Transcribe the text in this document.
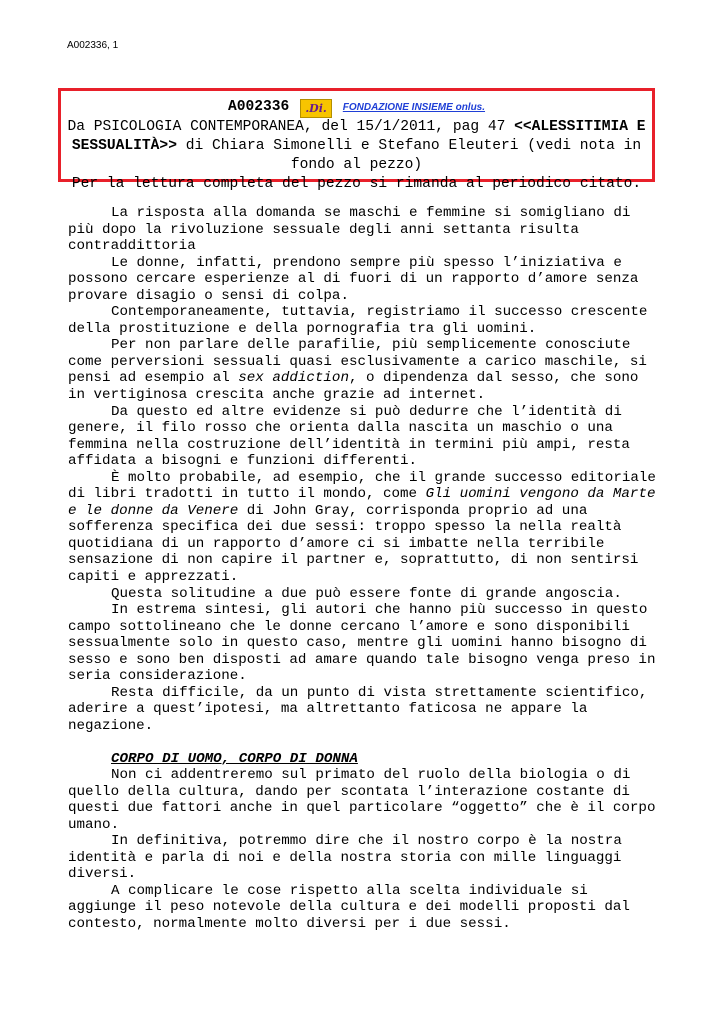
A002336, 1
A002336 .Di. FONDAZIONE INSIEME onlus.
Da PSICOLOGIA CONTEMPORANEA, del 15/1/2011, pag 47 <<ALESSITIMIA E SESSUALITÀ>> di Chiara Simonelli e Stefano Eleuteri (vedi nota in fondo al pezzo)
Per la lettura completa del pezzo si rimanda al periodico citato.

La risposta alla domanda se maschi e femmine si somigliano di più dopo la rivoluzione sessuale degli anni settanta risulta contraddittoria

Le donne, infatti, prendono sempre più spesso l’iniziativa e possono cercare esperienze al di fuori di un rapporto d’amore senza provare disagio o sensi di colpa.

Contemporaneamente, tuttavia, registriamo il successo crescente della prostituzione e della pornografia tra gli uomini.

Per non parlare delle parafilie, più semplicemente conosciute come perversioni sessuali quasi esclusivamente a carico maschile, si pensi ad esempio al sex addiction, o dipendenza dal sesso, che sono in vertiginosa crescita anche grazie ad internet.

Da questo ed altre evidenze si può dedurre che l’identità di genere, il filo rosso che orienta dalla nascita un maschio o una femmina nella costruzione dell’identità in termini più ampi, resta affidata a bisogni e funzioni differenti.

È molto probabile, ad esempio, che il grande successo editoriale di libri tradotti in tutto il mondo, come Gli uomini vengono da Marte e le donne da Venere di John Gray, corrisponda proprio ad una sofferenza specifica dei due sessi: troppo spesso la nella realtà quotidiana di un rapporto d’amore ci si imbatte nella terribile sensazione di non capire il partner e, soprattutto, di non sentirsi capiti e apprezzati.

Questa solitudine a due può essere fonte di grande angoscia.

In estrema sintesi, gli autori che hanno più successo in questo campo sottolineano che le donne cercano l’amore e sono disponibili sessualmente solo in questo caso, mentre gli uomini hanno bisogno di sesso e sono ben disposti ad amare quando tale bisogno venga preso in seria considerazione.

Resta difficile, da un punto di vista strettamente scientifico, aderire a quest’ipotesi, ma altrettanto faticosa ne appare la negazione.

CORPO DI UOMO, CORPO DI DONNA

Non ci addentreremo sul primato del ruolo della biologia o di quello della cultura, dando per scontata l’interazione costante di questi due fattori anche in quel particolare “oggetto” che è il corpo umano.

In definitiva, potremmo dire che il nostro corpo è la nostra identità e parla di noi e della nostra storia con mille linguaggi diversi.

A complicare le cose rispetto alla scelta individuale si aggiunge il peso notevole della cultura e dei modelli proposti dal contesto, normalmente molto diversi per i due sessi.
